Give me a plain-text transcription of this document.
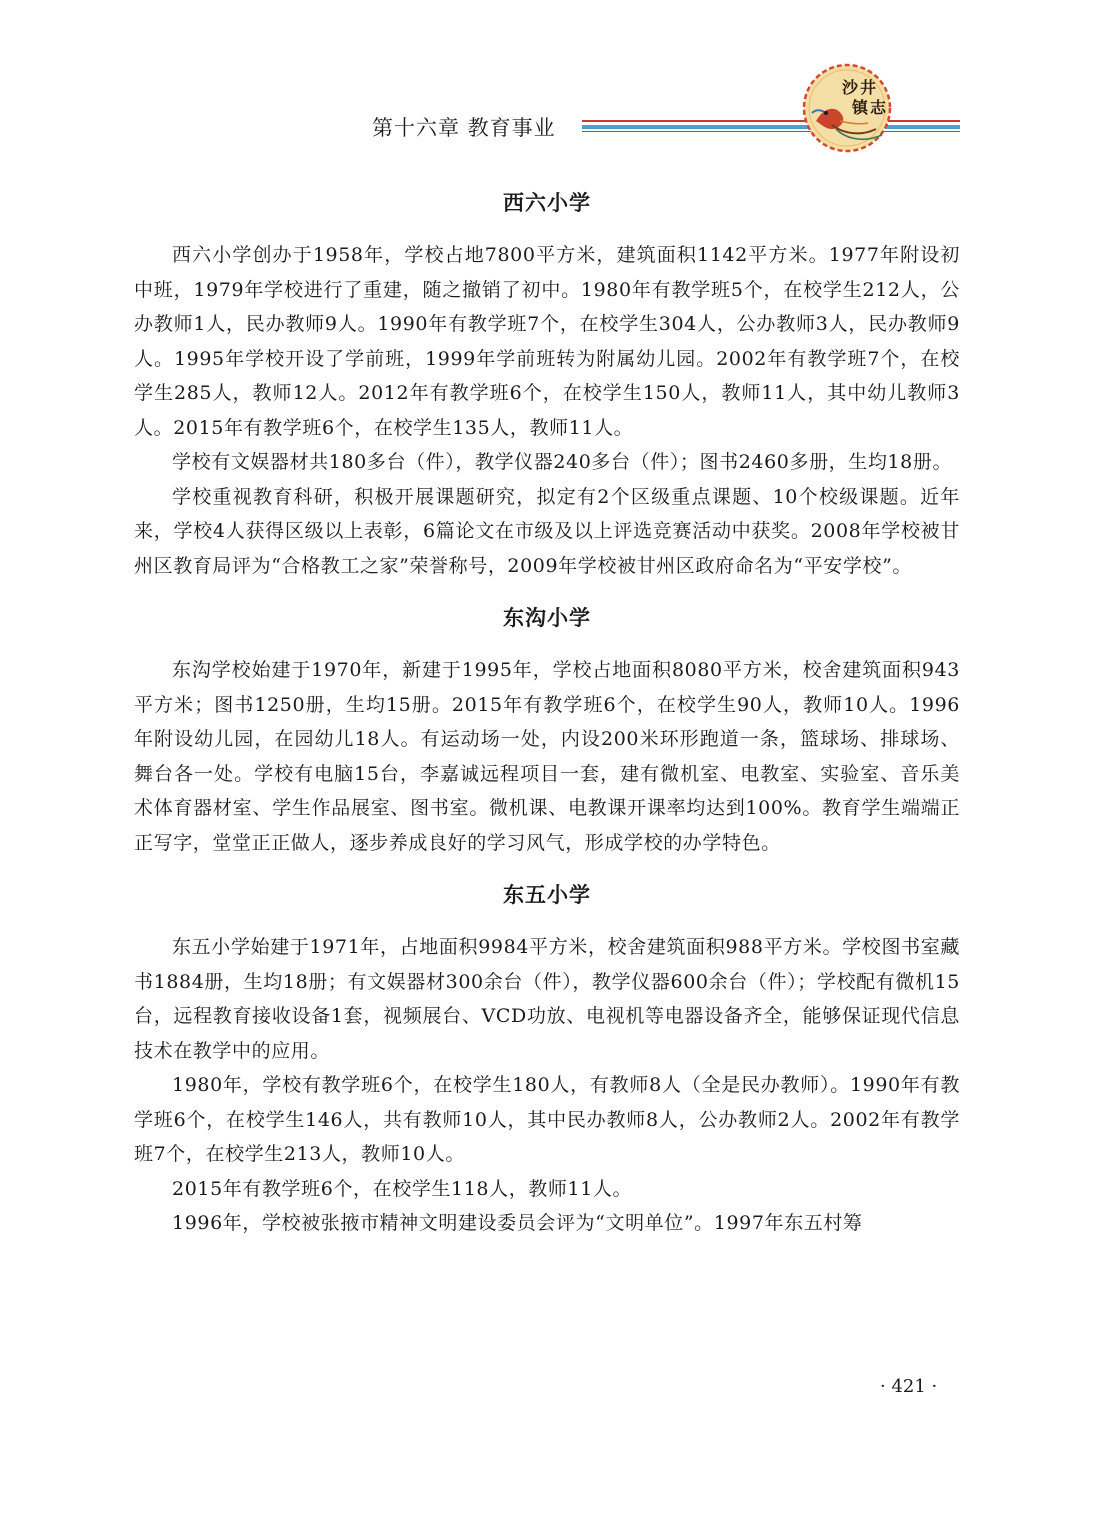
第十六章 教育事业
沙 井
镇 志
西六小学

西六小学创办于1958年，学校占地7800平方米，建筑面积1142平方米。1977年附设初中班，1979年学校进行了重建，随之撤销了初中。1980年有教学班5个，在校学生212人，公办教师1人，民办教师9人。1990年有教学班7个，在校学生304人，公办教师3人，民办教师9人。1995年学校开设了学前班，1999年学前班转为附属幼儿园。2002年有教学班7个，在校学生285人，教师12人。2012年有教学班6个，在校学生150人，教师11人，其中幼儿教师3人。2015年有教学班6个，在校学生135人，教师11人。

学校有文娱器材共180多台（件），教学仪器240多台（件）；图书2460多册，生均18册。

学校重视教育科研，积极开展课题研究，拟定有2个区级重点课题、10个校级课题。近年来，学校4人获得区级以上表彰，6篇论文在市级及以上评选竞赛活动中获奖。2008年学校被甘州区教育局评为“合格教工之家”荣誉称号，2009年学校被甘州区政府命名为“平安学校”。

东沟小学

东沟学校始建于1970年，新建于1995年，学校占地面积8080平方米，校舍建筑面积943平方米；图书1250册，生均15册。2015年有教学班6个，在校学生90人，教师10人。1996年附设幼儿园，在园幼儿18人。有运动场一处，内设200米环形跑道一条，篮球场、排球场、舞台各一处。学校有电脑15台，李嘉诚远程项目一套，建有微机室、电教室、实验室、音乐美术体育器材室、学生作品展室、图书室。微机课、电教课开课率均达到100%。教育学生端端正正写字，堂堂正正做人，逐步养成良好的学习风气，形成学校的办学特色。

东五小学

东五小学始建于1971年，占地面积9984平方米，校舍建筑面积988平方米。学校图书室藏书1884册，生均18册；有文娱器材300余台（件），教学仪器600余台（件）；学校配有微机15台，远程教育接收设备1套，视频展台、VCD功放、电视机等电器设备齐全，能够保证现代信息技术在教学中的应用。

1980年，学校有教学班6个，在校学生180人，有教师8人（全是民办教师）。1990年有教学班6个，在校学生146人，共有教师10人，其中民办教师8人，公办教师2人。2002年有教学班7个，在校学生213人，教师10人。

2015年有教学班6个，在校学生118人，教师11人。

1996年，学校被张掖市精神文明建设委员会评为“文明单位”。1997年东五村筹

· 421 ·
